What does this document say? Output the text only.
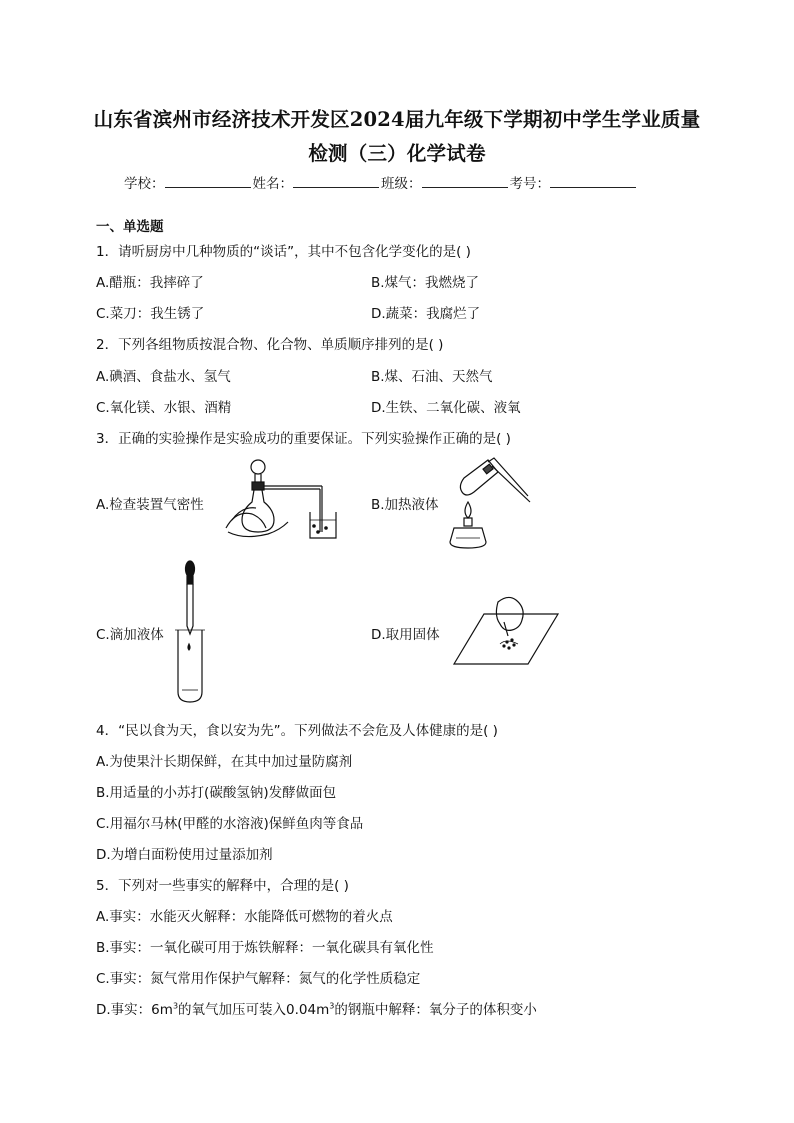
山东省滨州市经济技术开发区2024届九年级下学期初中学生学业质量
检测（三）化学试卷
学校：	姓名：	班级：	考号：
一、单选题
1．请听厨房中几种物质的“谈话”，其中不包含化学变化的是( )
A.醋瓶：我摔碎了	B.煤气：我燃烧了
C.菜刀：我生锈了	D.蔬菜：我腐烂了
2．下列各组物质按混合物、化合物、单质顺序排列的是( )
A.碘酒、食盐水、氢气	B.煤、石油、天然气
C.氧化镁、水银、酒精	D.生铁、二氧化碳、液氧
3．正确的实验操作是实验成功的重要保证。下列实验操作正确的是( )
A.检查装置气密性	B.加热液体
C.滴加液体	D.取用固体
4．“民以食为天，食以安为先”。下列做法不会危及人体健康的是( )
A.为使果汁长期保鲜，在其中加过量防腐剂
B.用适量的小苏打(碳酸氢钠)发酵做面包
C.用福尔马林(甲醛的水溶液)保鲜鱼肉等食品
D.为增白面粉使用过量添加剂
5．下列对一些事实的解释中，合理的是( )
A.事实：水能灭火解释：水能降低可燃物的着火点
B.事实：一氧化碳可用于炼铁解释：一氧化碳具有氧化性
C.事实：氮气常用作保护气解释：氮气的化学性质稳定
D.事实：$6m^3$的氧气加压可装入$0.04m^3$的钢瓶中解释：氧分子的体积变小
